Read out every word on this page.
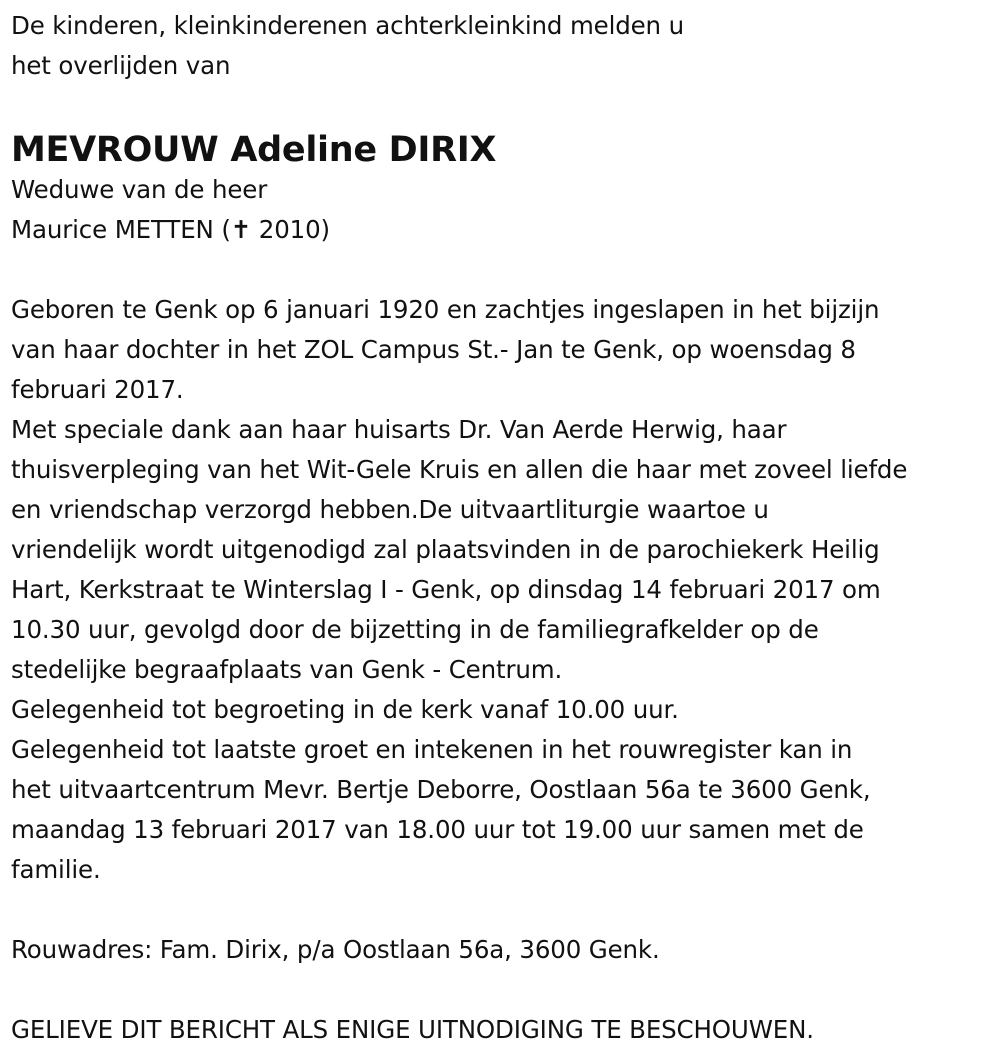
De kinderen, kleinkinderenen achterkleinkind melden u
het overlijden van
MEVROUW Adeline DIRIX
Weduwe van de heer
Maurice METTEN (✝ 2010)
Geboren te Genk op 6 januari 1920 en zachtjes ingeslapen in het bijzijn
van haar dochter in het ZOL Campus St.- Jan te Genk, op woensdag 8
februari 2017.
Met speciale dank aan haar huisarts Dr. Van Aerde Herwig, haar
thuisverpleging van het Wit-Gele Kruis en allen die haar met zoveel liefde
en vriendschap verzorgd hebben.De uitvaartliturgie waartoe u
vriendelijk wordt uitgenodigd zal plaatsvinden in de parochiekerk Heilig
Hart, Kerkstraat te Winterslag I - Genk, op dinsdag 14 februari 2017 om
10.30 uur, gevolgd door de bijzetting in de familiegrafkelder op de
stedelijke begraafplaats van Genk - Centrum.
Gelegenheid tot begroeting in de kerk vanaf 10.00 uur.
Gelegenheid tot laatste groet en intekenen in het rouwregister kan in
het uitvaartcentrum Mevr. Bertje Deborre, Oostlaan 56a te 3600 Genk,
maandag 13 februari 2017 van 18.00 uur tot 19.00 uur samen met de
familie.
Rouwadres: Fam. Dirix, p/a Oostlaan 56a, 3600 Genk.
GELIEVE DIT BERICHT ALS ENIGE UITNODIGING TE BESCHOUWEN.
